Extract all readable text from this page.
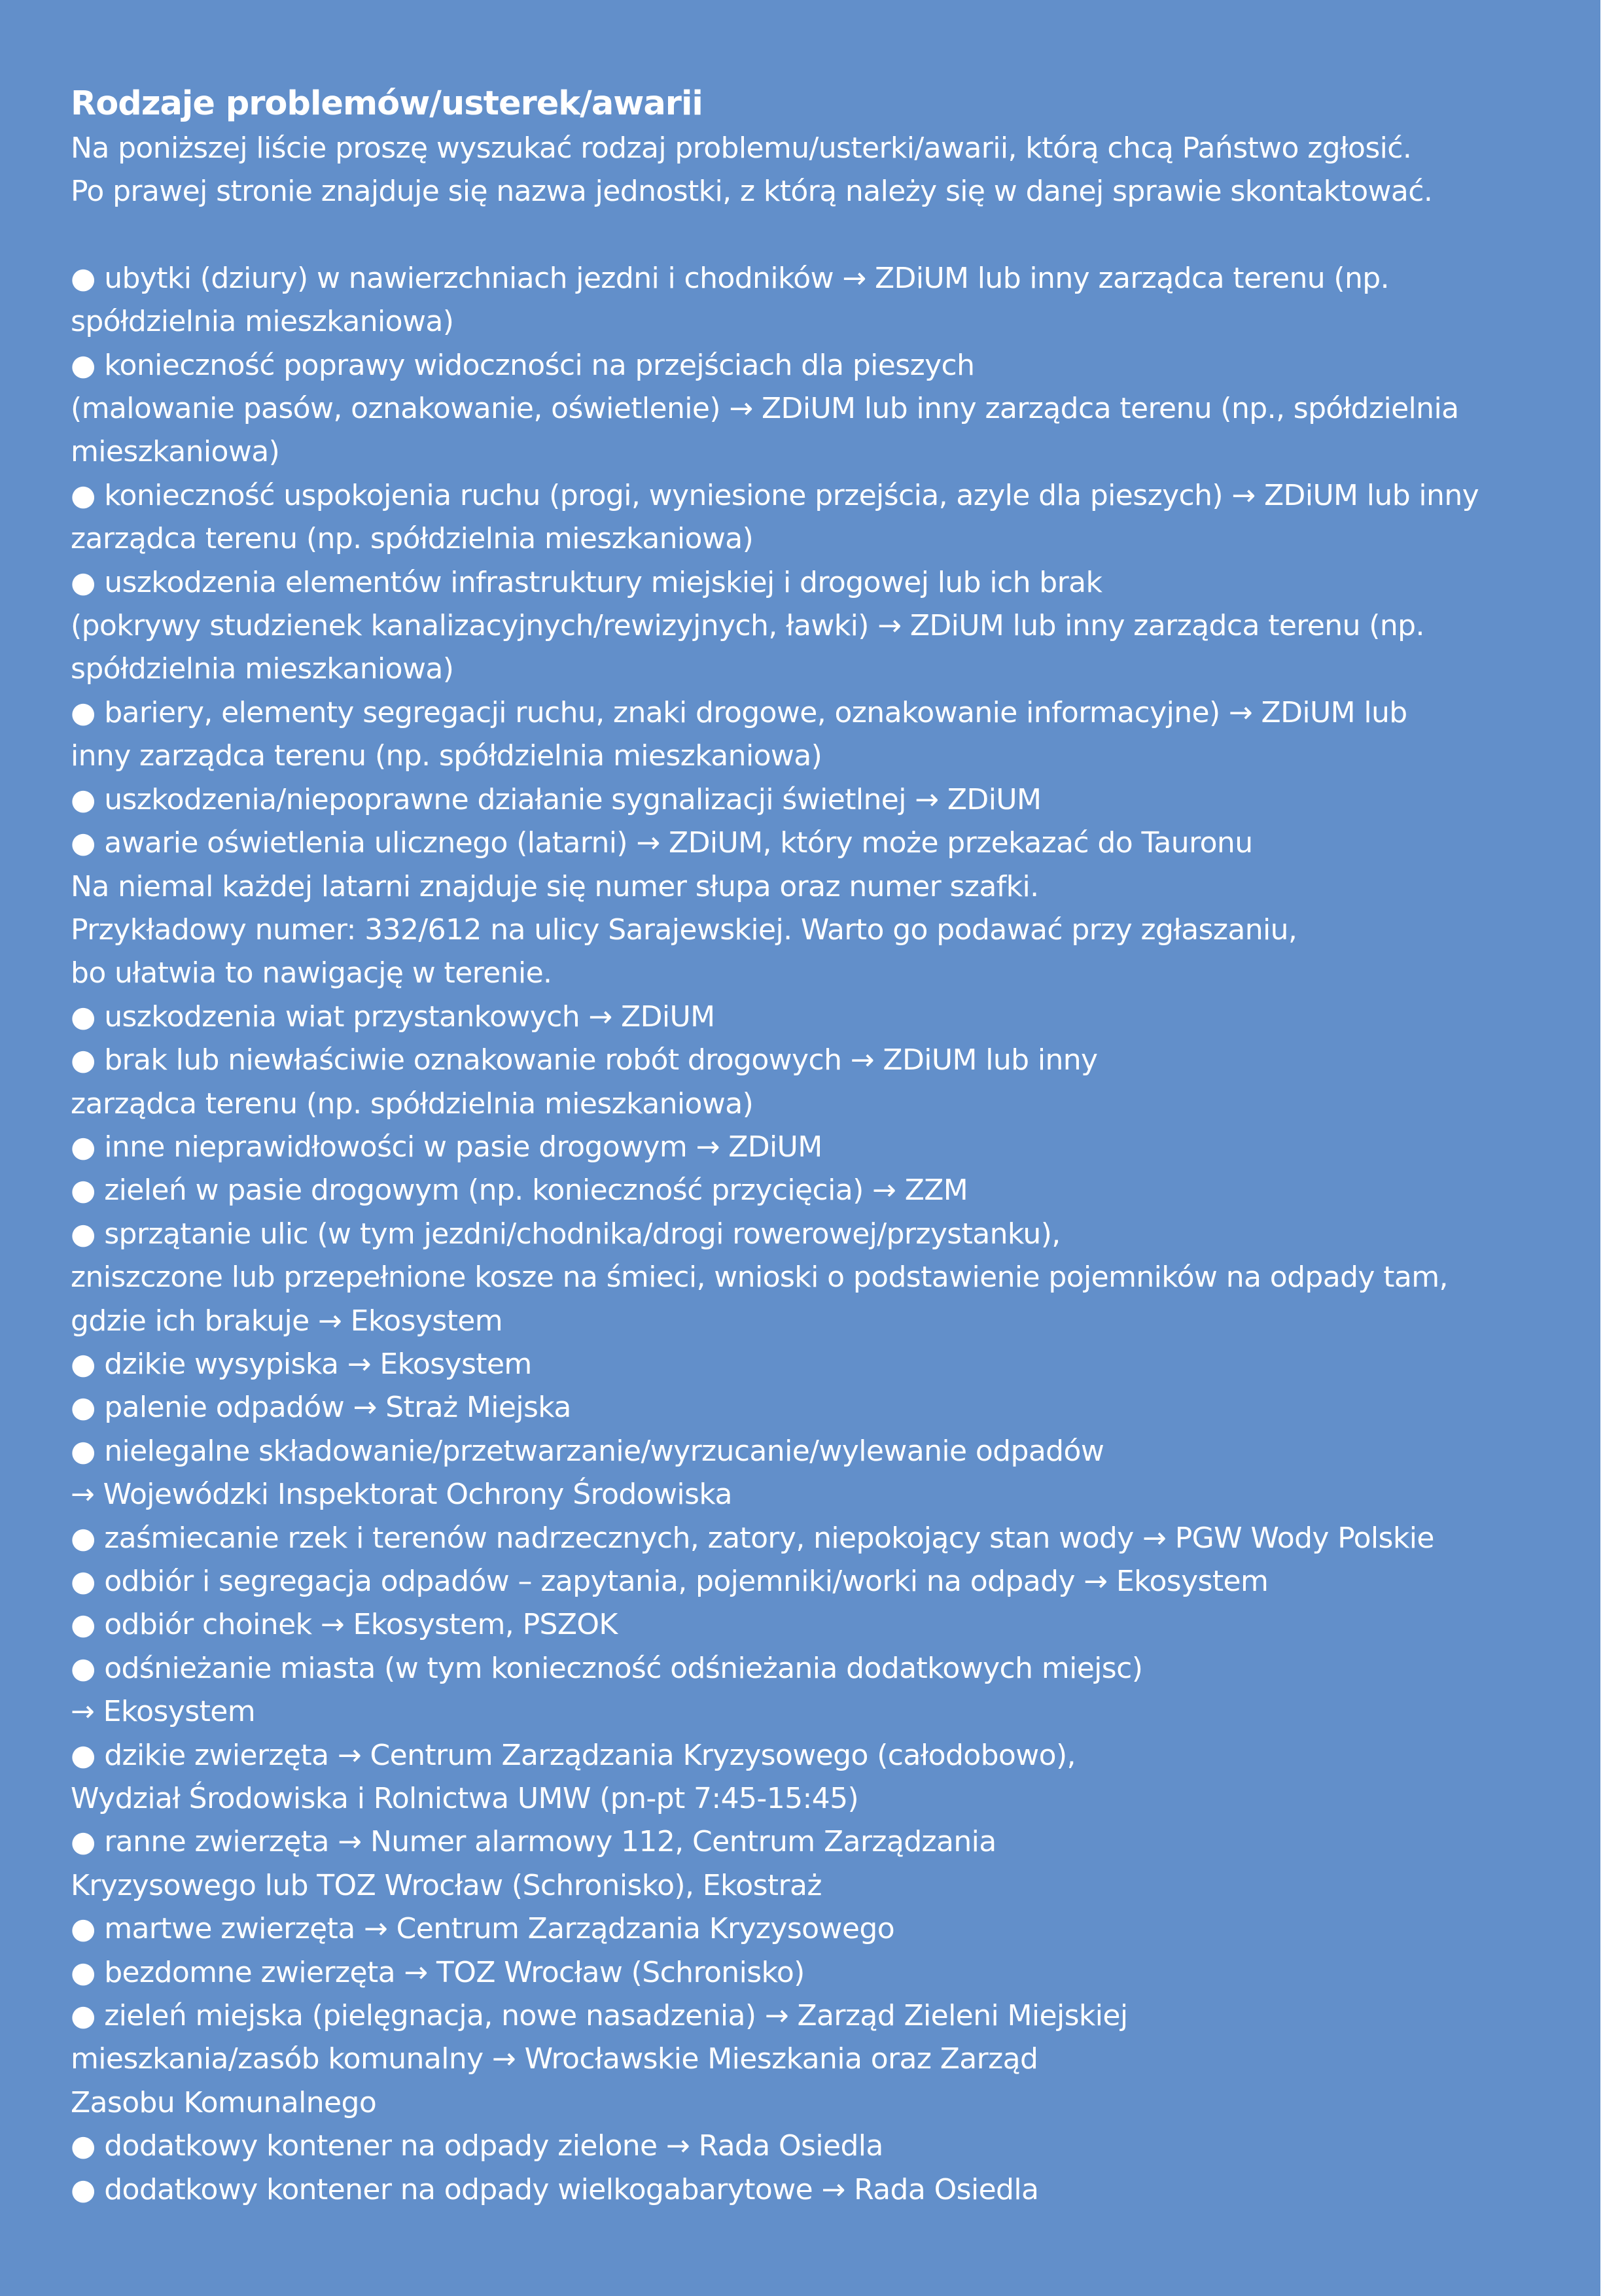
Rodzaje problemów/usterek/awarii
Na poniższej liście proszę wyszukać rodzaj problemu/usterki/awarii, którą chcą Państwo zgłosić.
Po prawej stronie znajduje się nazwa jednostki, z którą należy się w danej sprawie skontaktować.
● ubytki (dziury) w nawierzchniach jezdni i chodników → ZDiUM lub inny zarządca terenu (np.
spółdzielnia mieszkaniowa)
● konieczność poprawy widoczności na przejściach dla pieszych
(malowanie pasów, oznakowanie, oświetlenie) → ZDiUM lub inny zarządca terenu (np., spółdzielnia
mieszkaniowa)
● konieczność uspokojenia ruchu (progi, wyniesione przejścia, azyle dla pieszych) → ZDiUM lub inny
zarządca terenu (np. spółdzielnia mieszkaniowa)
● uszkodzenia elementów infrastruktury miejskiej i drogowej lub ich brak
(pokrywy studzienek kanalizacyjnych/rewizyjnych, ławki) → ZDiUM lub inny zarządca terenu (np.
spółdzielnia mieszkaniowa)
● bariery, elementy segregacji ruchu, znaki drogowe, oznakowanie informacyjne) → ZDiUM lub
inny zarządca terenu (np. spółdzielnia mieszkaniowa)
● uszkodzenia/niepoprawne działanie sygnalizacji świetlnej → ZDiUM
● awarie oświetlenia ulicznego (latarni) → ZDiUM, który może przekazać do Tauronu
Na niemal każdej latarni znajduje się numer słupa oraz numer szafki.
Przykładowy numer: 332/612 na ulicy Sarajewskiej. Warto go podawać przy zgłaszaniu,
bo ułatwia to nawigację w terenie.
● uszkodzenia wiat przystankowych → ZDiUM
● brak lub niewłaściwie oznakowanie robót drogowych → ZDiUM lub inny
zarządca terenu (np. spółdzielnia mieszkaniowa)
● inne nieprawidłowości w pasie drogowym → ZDiUM
● zieleń w pasie drogowym (np. konieczność przycięcia) → ZZM
● sprzątanie ulic (w tym jezdni/chodnika/drogi rowerowej/przystanku),
zniszczone lub przepełnione kosze na śmieci, wnioski o podstawienie pojemników na odpady tam,
gdzie ich brakuje → Ekosystem
● dzikie wysypiska → Ekosystem
● palenie odpadów → Straż Miejska
● nielegalne składowanie/przetwarzanie/wyrzucanie/wylewanie odpadów
→ Wojewódzki Inspektorat Ochrony Środowiska
● zaśmiecanie rzek i terenów nadrzecznych, zatory, niepokojący stan wody → PGW Wody Polskie
● odbiór i segregacja odpadów – zapytania, pojemniki/worki na odpady → Ekosystem
● odbiór choinek → Ekosystem, PSZOK
● odśnieżanie miasta (w tym konieczność odśnieżania dodatkowych miejsc)
→ Ekosystem
● dzikie zwierzęta → Centrum Zarządzania Kryzysowego (całodobowo),
Wydział Środowiska i Rolnictwa UMW (pn-pt 7:45-15:45)
● ranne zwierzęta → Numer alarmowy 112, Centrum Zarządzania
Kryzysowego lub TOZ Wrocław (Schronisko), Ekostraż
● martwe zwierzęta → Centrum Zarządzania Kryzysowego
● bezdomne zwierzęta → TOZ Wrocław (Schronisko)
● zieleń miejska (pielęgnacja, nowe nasadzenia) → Zarząd Zieleni Miejskiej
mieszkania/zasób komunalny → Wrocławskie Mieszkania oraz Zarząd
Zasobu Komunalnego
● dodatkowy kontener na odpady zielone → Rada Osiedla
● dodatkowy kontener na odpady wielkogabarytowe → Rada Osiedla
